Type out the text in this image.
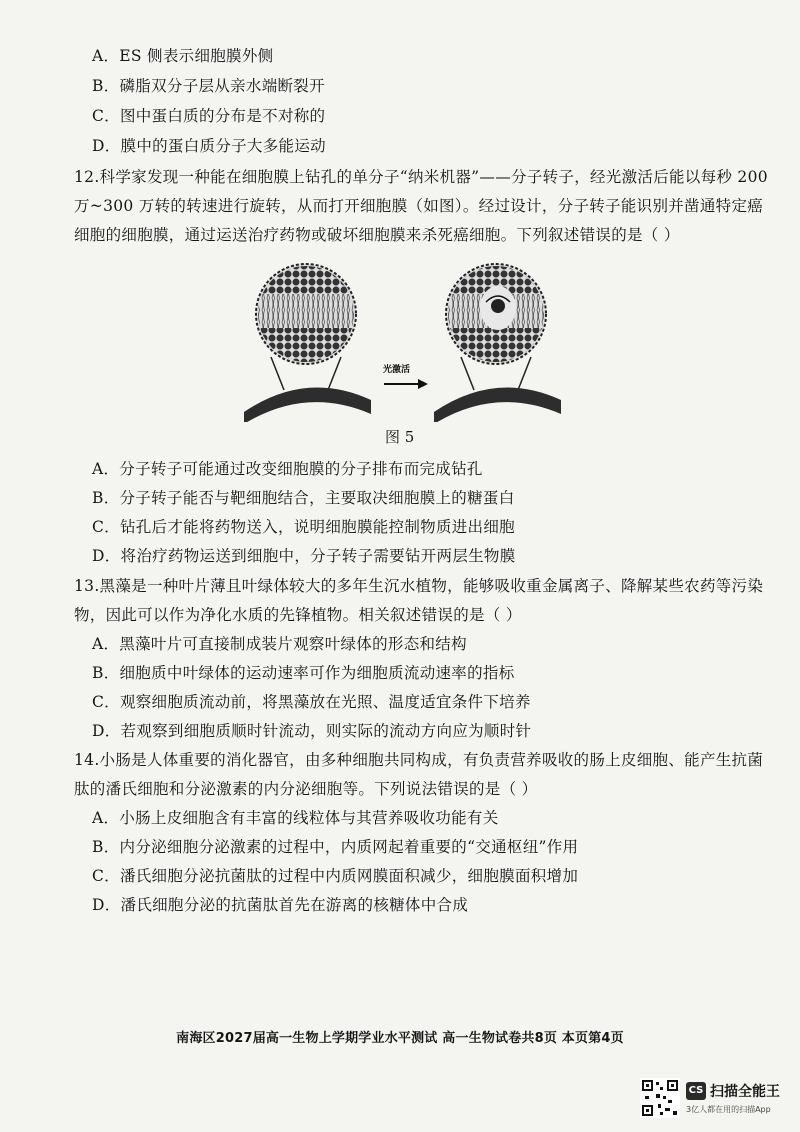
A．ES 侧表示细胞膜外侧
B．磷脂双分子层从亲水端断裂开
C．图中蛋白质的分布是不对称的
D．膜中的蛋白质分子大多能运动
12.科学家发现一种能在细胞膜上钻孔的单分子“纳米机器”——分子转子，经光激活后能以每秒 200
万~300 万转的转速进行旋转，从而打开细胞膜（如图）。经过设计，分子转子能识别并凿通特定癌
细胞的细胞膜，通过运送治疗药物或破坏细胞膜来杀死癌细胞。下列叙述错误的是（ ）
光激活
图 5
A．分子转子可能通过改变细胞膜的分子排布而完成钻孔
B．分子转子能否与靶细胞结合，主要取决细胞膜上的糖蛋白
C．钻孔后才能将药物送入，说明细胞膜能控制物质进出细胞
D．将治疗药物运送到细胞中，分子转子需要钻开两层生物膜
13.黑藻是一种叶片薄且叶绿体较大的多年生沉水植物，能够吸收重金属离子、降解某些农药等污染
物，因此可以作为净化水质的先锋植物。相关叙述错误的是（ ）
A．黑藻叶片可直接制成装片观察叶绿体的形态和结构
B．细胞质中叶绿体的运动速率可作为细胞质流动速率的指标
C．观察细胞质流动前，将黑藻放在光照、温度适宜条件下培养
D．若观察到细胞质顺时针流动，则实际的流动方向应为顺时针
14.小肠是人体重要的消化器官，由多种细胞共同构成，有负责营养吸收的肠上皮细胞、能产生抗菌
肽的潘氏细胞和分泌激素的内分泌细胞等。下列说法错误的是（ ）
A．小肠上皮细胞含有丰富的线粒体与其营养吸收功能有关
B．内分泌细胞分泌激素的过程中，内质网起着重要的“交通枢纽”作用
C．潘氏细胞分泌抗菌肽的过程中内质网膜面积减少，细胞膜面积增加
D．潘氏细胞分泌的抗菌肽首先在游离的核糖体中合成
南海区2027届高一生物上学期学业水平测试 高一生物试卷共8页 本页第4页
CS 扫描全能王
3亿人都在用的扫描App
